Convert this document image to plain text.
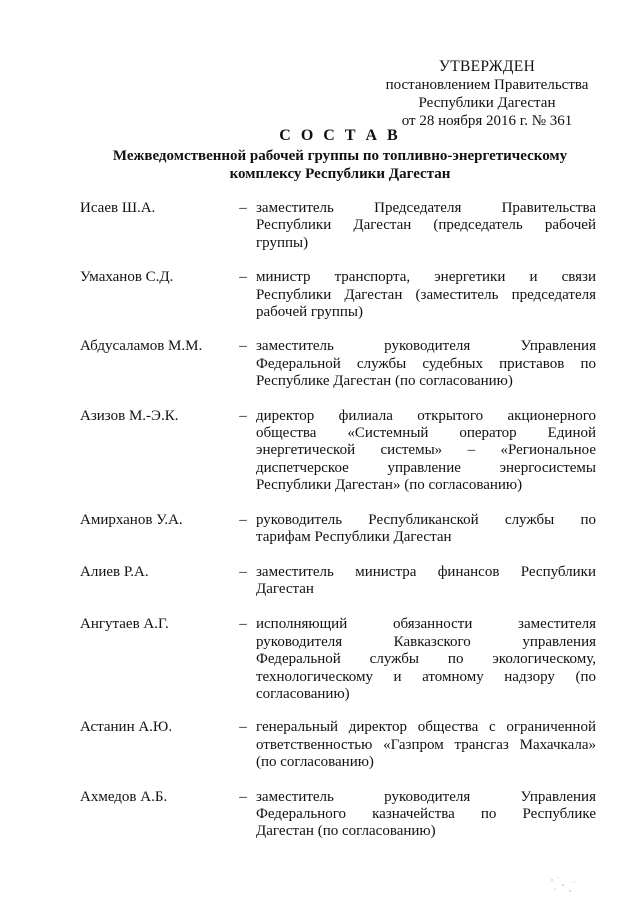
УТВЕРЖДЕН
постановлением Правительства
Республики Дагестан
от 28 ноября 2016 г. № 361
С О С Т А В
Межведомственной рабочей группы по топливно-энергетическому
комплексу Республики Дагестан
Исаев Ш.А.	– заместитель Председателя Правительства
Республики Дагестан (председатель рабочей
группы)
Умаханов С.Д.	– министр транспорта, энергетики и связи
Республики Дагестан (заместитель председателя
рабочей группы)
Абдусаламов М.М.	– заместитель руководителя Управления
Федеральной службы судебных приставов по
Республике Дагестан (по согласованию)
Азизов М.-Э.К.	– директор филиала открытого акционерного
общества «Системный оператор Единой
энергетической системы» – «Региональное
диспетчерское управление энергосистемы
Республики Дагестан» (по согласованию)
Амирханов У.А.	– руководитель Республиканской службы по
тарифам Республики Дагестан
Алиев Р.А.	– заместитель министра финансов Республики
Дагестан
Ангутаев А.Г.	– исполняющий обязанности заместителя
руководителя Кавказского управления
Федеральной службы по экологическому,
технологическому и атомному надзору (по
согласованию)
Астанин А.Ю.	– генеральный директор общества с ограниченной
ответственностью «Газпром трансгаз Махачкала»
(по согласованию)
Ахмедов А.Б.	– заместитель руководителя Управления
Федерального казначейства по Республике
Дагестан (по согласованию)
